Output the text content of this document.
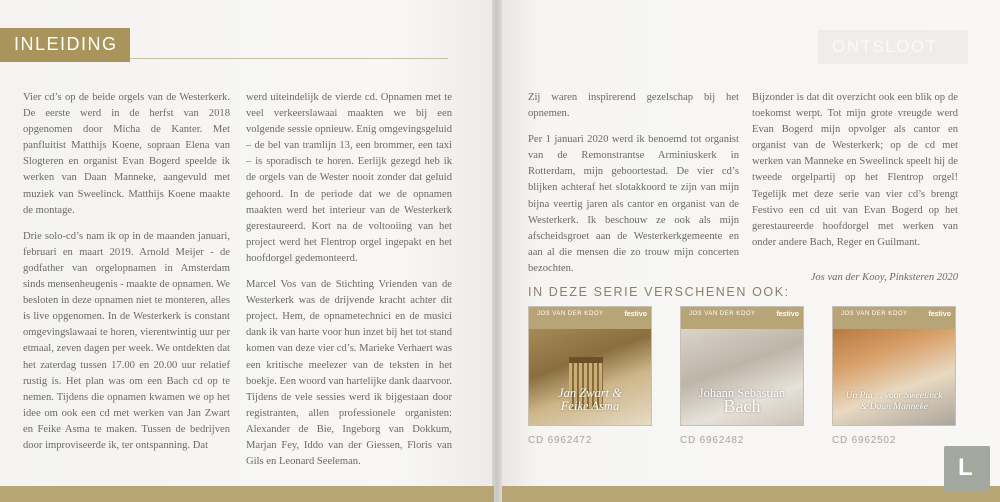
INLEIDING	ONTSLOOT

Vier cd’s op de beide orgels van de Westerkerk. De eerste werd in de herfst van 2018 opgenomen door Micha de Kanter. Met panfluitist Matthijs Koene, sopraan Elena van Slogteren en organist Evan Bogerd speelde ik werken van Daan Manneke, aangevuld met muziek van Sweelinck. Matthijs Koene maakte de montage.

Drie solo-cd’s nam ik op in de maanden januari, februari en maart 2019. Arnold Meijer - de godfather van orgelopnamen in Amsterdam sinds mensenheugenis - maakte de opnamen. We besloten in deze opnamen niet te monteren, alles is live opgenomen. In de Westerkerk is constant omgevingslawaai te horen, vierentwintig uur per etmaal, zeven dagen per week. We ontdekten dat het zaterdag tussen 17.00 en 20.00 uur relatief rustig is. Het plan was om een Bach cd op te nemen. Tijdens die opnamen kwamen we op het idee om ook een cd met werken van Jan Zwart en Feike Asma te maken. Tussen de bedrijven door improviseerde ik, ter ontspanning. Dat

werd uiteindelijk de vierde cd. Opnamen met te veel verkeerslawaai maakten we bij een volgende sessie opnieuw. Enig omgevingsgeluid – de bel van tramlijn 13, een brommer, een taxi – is sporadisch te horen. Eerlijk gezegd heb ik de orgels van de Wester nooit zonder dat geluid gehoord. In de periode dat we de opnamen maakten werd het interieur van de Westerkerk gerestaureerd. Kort na de voltooiing van het project werd het Flentrop orgel ingepakt en het hoofdorgel gedemonteerd.

Marcel Vos van de Stichting Vrienden van de Westerkerk was de drijvende kracht achter dit project. Hem, de opnametechnici en de musici dank ik van harte voor hun inzet bij het tot stand komen van deze vier cd’s. Marieke Verhaert was een kritische meelezer van de teksten in het boekje. Een woord van hartelijke dank daarvoor. Tijdens de vele sessies werd ik bijgestaan door registranten, allen professionele organisten: Alexander de Bie, Ingeborg van Dokkum, Marjan Fey, Iddo van der Giessen, Floris van Gils en Leonard Seeleman.

Zij waren inspirerend gezelschap bij het opnemen.

Per 1 januari 2020 werd ik benoemd tot organist van de Remonstrantse Arminiuskerk in Rotterdam, mijn geboortestad. De vier cd’s blijken achteraf het slotakkoord te zijn van mijn bijna veertig jaren als cantor en organist van de Westerkerk. Ik beschouw ze ook als mijn afscheidsgroet aan de Westerkerkgemeente en aan al die mensen die zo trouw mijn concerten bezochten.

Bijzonder is dat dit overzicht ook een blik op de toekomst werpt. Tot mijn grote vreugde werd Evan Bogerd mijn opvolger als cantor en organist van de Westerkerk; op de cd met werken van Manneke en Sweelinck speelt hij de tweede orgelpartij op het Flentrop orgel! Tegelijk met deze serie van vier cd’s brengt Festivo een cd uit van Evan Bogerd op het gerestaureerde hoofdorgel met werken van onder andere Bach, Reger en Guilmant.

Jos van der Kooy, Pinksteren 2020
IN DEZE SERIE VERSCHENEN OOK:
JOS VAN DER KOOY	festivo
Jan Zwart &
Feike Asma
JOS VAN DER KOOY	festivo
Johann Sebastian
Bach
JOS VAN DER KOOY	festivo
Un Pia ... voor Sweelinck
& Daan Manneke
CD 6962472	CD 6962482	CD 6962502
L
